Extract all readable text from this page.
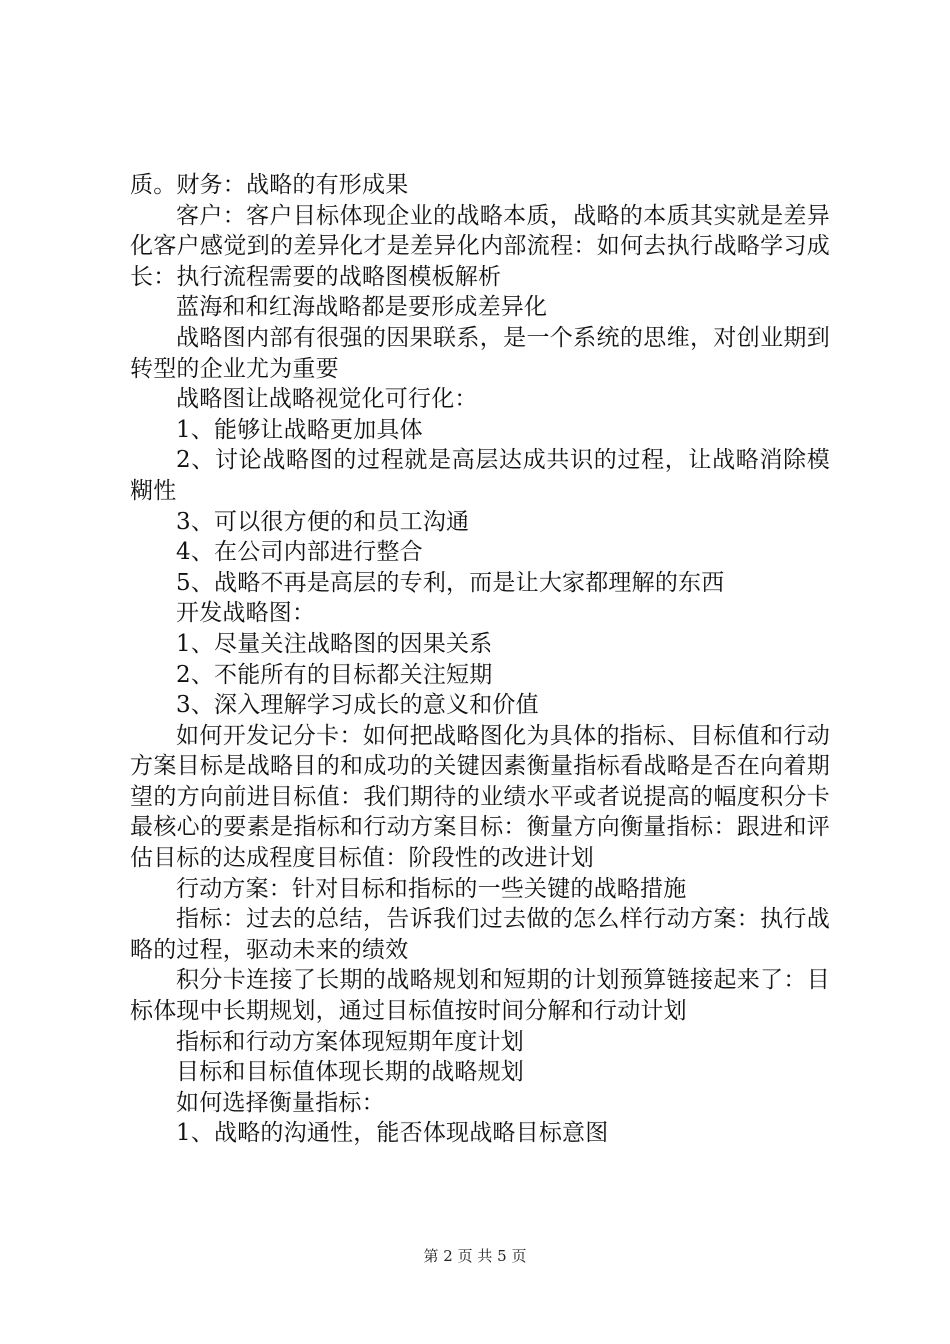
质。财务：战略的有形成果

客户：客户目标体现企业的战略本质，战略的本质其实就是差异化客户感觉到的差异化才是差异化内部流程：如何去执行战略学习成长：执行流程需要的战略图模板解析

蓝海和和红海战略都是要形成差异化

战略图内部有很强的因果联系，是一个系统的思维，对创业期到转型的企业尤为重要

战略图让战略视觉化可行化：

1、能够让战略更加具体

2、讨论战略图的过程就是高层达成共识的过程，让战略消除模糊性

3、可以很方便的和员工沟通

4、在公司内部进行整合

5、战略不再是高层的专利，而是让大家都理解的东西

开发战略图：

1、尽量关注战略图的因果关系

2、不能所有的目标都关注短期

3、深入理解学习成长的意义和价值

如何开发记分卡：如何把战略图化为具体的指标、目标值和行动方案目标是战略目的和成功的关键因素衡量指标看战略是否在向着期望的方向前进目标值：我们期待的业绩水平或者说提高的幅度积分卡最核心的要素是指标和行动方案目标：衡量方向衡量指标：跟进和评估目标的达成程度目标值：阶段性的改进计划

行动方案：针对目标和指标的一些关键的战略措施

指标：过去的总结，告诉我们过去做的怎么样行动方案：执行战略的过程，驱动未来的绩效

积分卡连接了长期的战略规划和短期的计划预算链接起来了：目标体现中长期规划，通过目标值按时间分解和行动计划

指标和行动方案体现短期年度计划

目标和目标值体现长期的战略规划

如何选择衡量指标：

1、战略的沟通性，能否体现战略目标意图

第 2 页 共 5 页
